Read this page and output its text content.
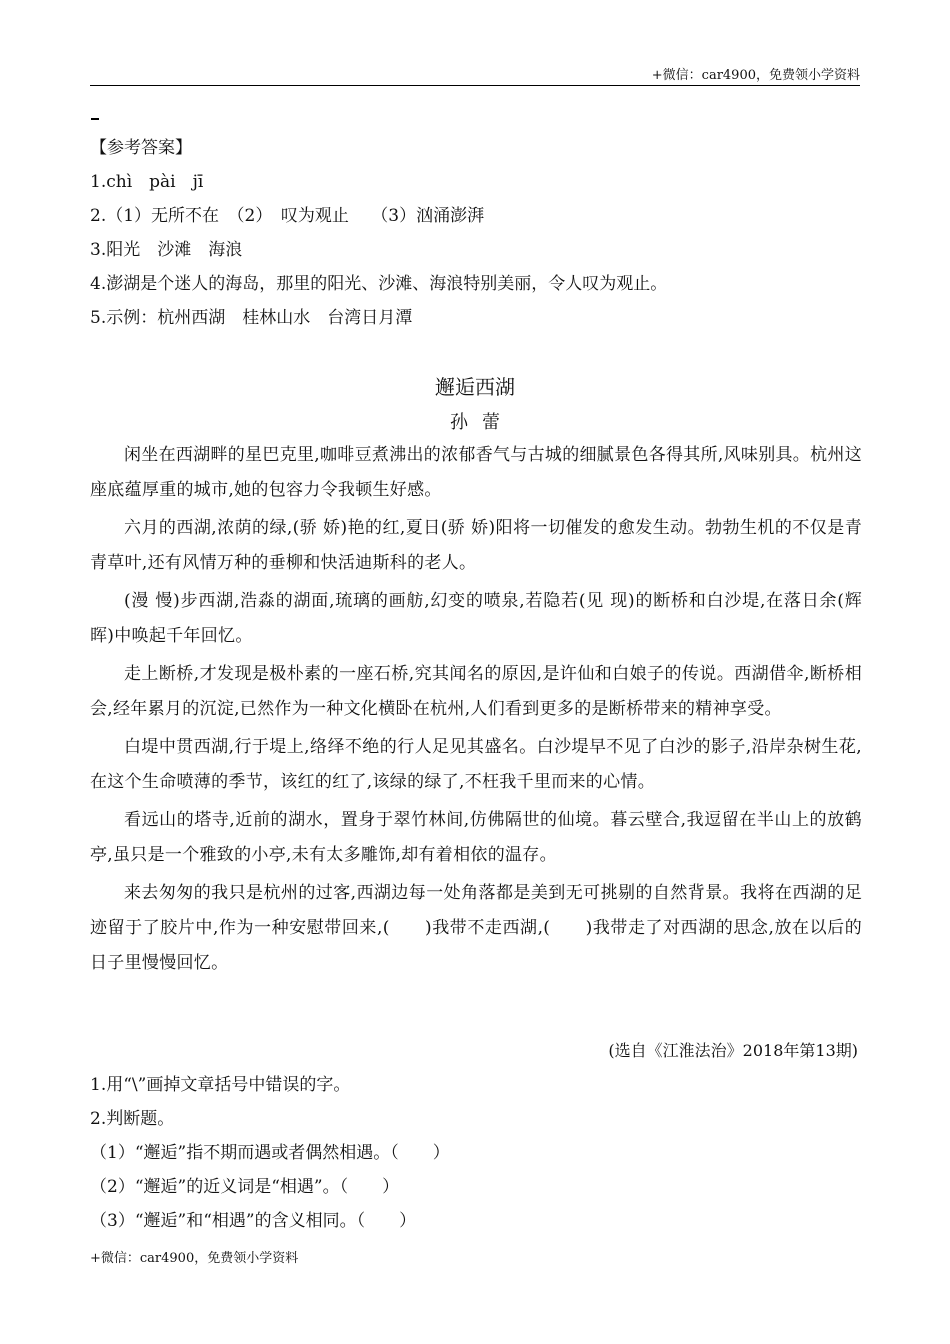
+微信：car4900，免费领小学资料
【参考答案】
1.chì　pài　jī
2.（1）无所不在　（2）　叹为观止　 （3）汹涌澎湃
3.阳光　沙滩　海浪
4.澎湖是个迷人的海岛，那里的阳光、沙滩、海浪特别美丽，令人叹为观止。
5.示例：杭州西湖　桂林山水　台湾日月潭
邂逅西湖
孙蕾

闲坐在西湖畔的星巴克里,咖啡豆煮沸出的浓郁香气与古城的细腻景色各得其所,风味别具。杭州这座底蕴厚重的城市,她的包容力令我顿生好感。

六月的西湖,浓荫的绿,(骄 娇)艳的红,夏日(骄 娇)阳将一切催发的愈发生动。勃勃生机的不仅是青青草叶,还有风情万种的垂柳和快活迪斯科的老人。

(漫 慢)步西湖,浩淼的湖面,琉璃的画舫,幻变的喷泉,若隐若(见 现)的断桥和白沙堤,在落日余(辉 晖)中唤起千年回忆。

走上断桥,才发现是极朴素的一座石桥,究其闻名的原因,是许仙和白娘子的传说。西湖借伞,断桥相会,经年累月的沉淀,已然作为一种文化横卧在杭州,人们看到更多的是断桥带来的精神享受。

白堤中贯西湖,行于堤上,络绎不绝的行人足见其盛名。白沙堤早不见了白沙的影子,沿岸杂树生花,在这个生命喷薄的季节，该红的红了,该绿的绿了,不枉我千里而来的心情。

看远山的塔寺,近前的湖水，置身于翠竹林间,仿佛隔世的仙境。暮云壁合,我逗留在半山上的放鹤亭,虽只是一个雅致的小亭,未有太多雕饰,却有着相依的温存。

来去匆匆的我只是杭州的过客,西湖边每一处角落都是美到无可挑剔的自然背景。我将在西湖的足迹留于了胶片中,作为一种安慰带回来,(　　)我带不走西湖,(　　)我带走了对西湖的思念,放在以后的日子里慢慢回忆。

(选自《江淮法治》2018年第13期)
1.用“\”画掉文章括号中错误的字。
2.判断题。
（1）“邂逅”指不期而遇或者偶然相遇。（　　）
（2）“邂逅”的近义词是“相遇”。（　　）
（3）“邂逅”和“相遇”的含义相同。（　　）
+微信：car4900，免费领小学资料
